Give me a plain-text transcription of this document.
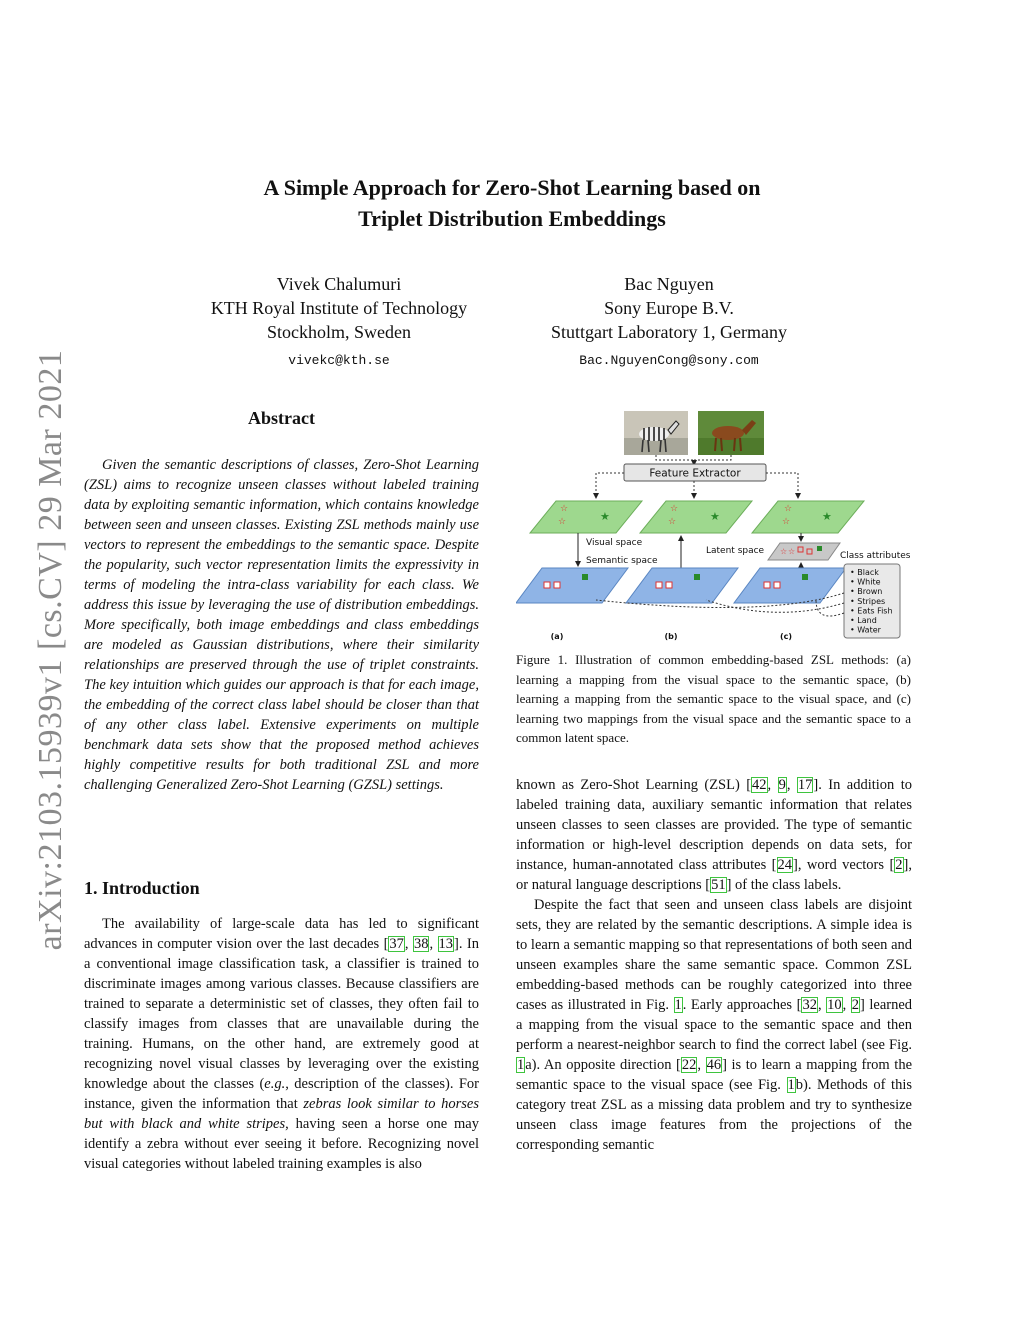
arXiv:2103.15939v1 [cs.CV] 29 Mar 2021
A Simple Approach for Zero-Shot Learning based on
Triplet Distribution Embeddings
Vivek Chalumuri
KTH Royal Institute of Technology
Stockholm, Sweden
vivekc@kth.se
Bac Nguyen
Sony Europe B.V.
Stuttgart Laboratory 1, Germany
Bac.NguyenCong@sony.com
Abstract
Given the semantic descriptions of classes, Zero-Shot Learning (ZSL) aims to recognize unseen classes without labeled training data by exploiting semantic information, which contains knowledge between seen and unseen classes. Existing ZSL methods mainly use vectors to represent the embeddings to the semantic space. Despite the popularity, such vector representation limits the expressivity in terms of modeling the intra-class variability for each class. We address this issue by leveraging the use of distribution embeddings. More specifically, both image embeddings and class embeddings are modeled as Gaussian distributions, where their similarity relationships are preserved through the use of triplet constraints. The key intuition which guides our approach is that for each image, the embedding of the correct class label should be closer than that of any other class label. Extensive experiments on multiple benchmark data sets show that the proposed method achieves highly competitive results for both traditional ZSL and more challenging Generalized Zero-Shot Learning (GZSL) settings.
1. Introduction

The availability of large-scale data has led to significant advances in computer vision over the last decades [37, 38, 13]. In a conventional image classification task, a classifier is trained to discriminate images among various classes. Because classifiers are trained to separate a deterministic set of classes, they often fail to classify images from classes that are unavailable during the training. Humans, on the other hand, are extremely good at recognizing novel visual classes by leveraging over the existing knowledge about the classes (e.g., description of the classes). For instance, given the information that zebras look similar to horses but with black and white stripes, having seen a horse one may identify a zebra without ever seeing it before. Recognizing novel visual categories without labeled training examples is also

Feature Extractor
☆
☆	★
☆
☆	★
☆
☆	★
Visual space
Semantic space
Latent space ☆ ☆	Class attributes
• Black
• White
• Brown
• Stripes
• Eats Fish
• Land
• Water
(a)	(b)	(c)
Figure 1. Illustration of common embedding-based ZSL methods: (a) learning a mapping from the visual space to the semantic space, (b) learning a mapping from the semantic space to the visual space, and (c) learning two mappings from the visual space and the semantic space to a common latent space.

known as Zero-Shot Learning (ZSL) [42, 9, 17]. In addition to labeled training data, auxiliary semantic information that relates unseen classes to seen classes are provided. The type of semantic information or high-level description depends on data sets, for instance, human-annotated class attributes [24], word vectors [2], or natural language descriptions [51] of the class labels.

Despite the fact that seen and unseen class labels are disjoint sets, they are related by the semantic descriptions. A simple idea is to learn a semantic mapping so that representations of both seen and unseen examples share the same semantic space. Common ZSL embedding-based methods can be roughly categorized into three cases as illustrated in Fig. 1. Early approaches [32, 10, 2] learned a mapping from the visual space to the semantic space and then perform a nearest-neighbor search to find the correct label (see Fig. 1a). An opposite direction [22, 46] is to learn a mapping from the semantic space to the visual space (see Fig. 1b). Methods of this category treat ZSL as a missing data problem and try to synthesize unseen class image features from the projections of the corresponding semantic
